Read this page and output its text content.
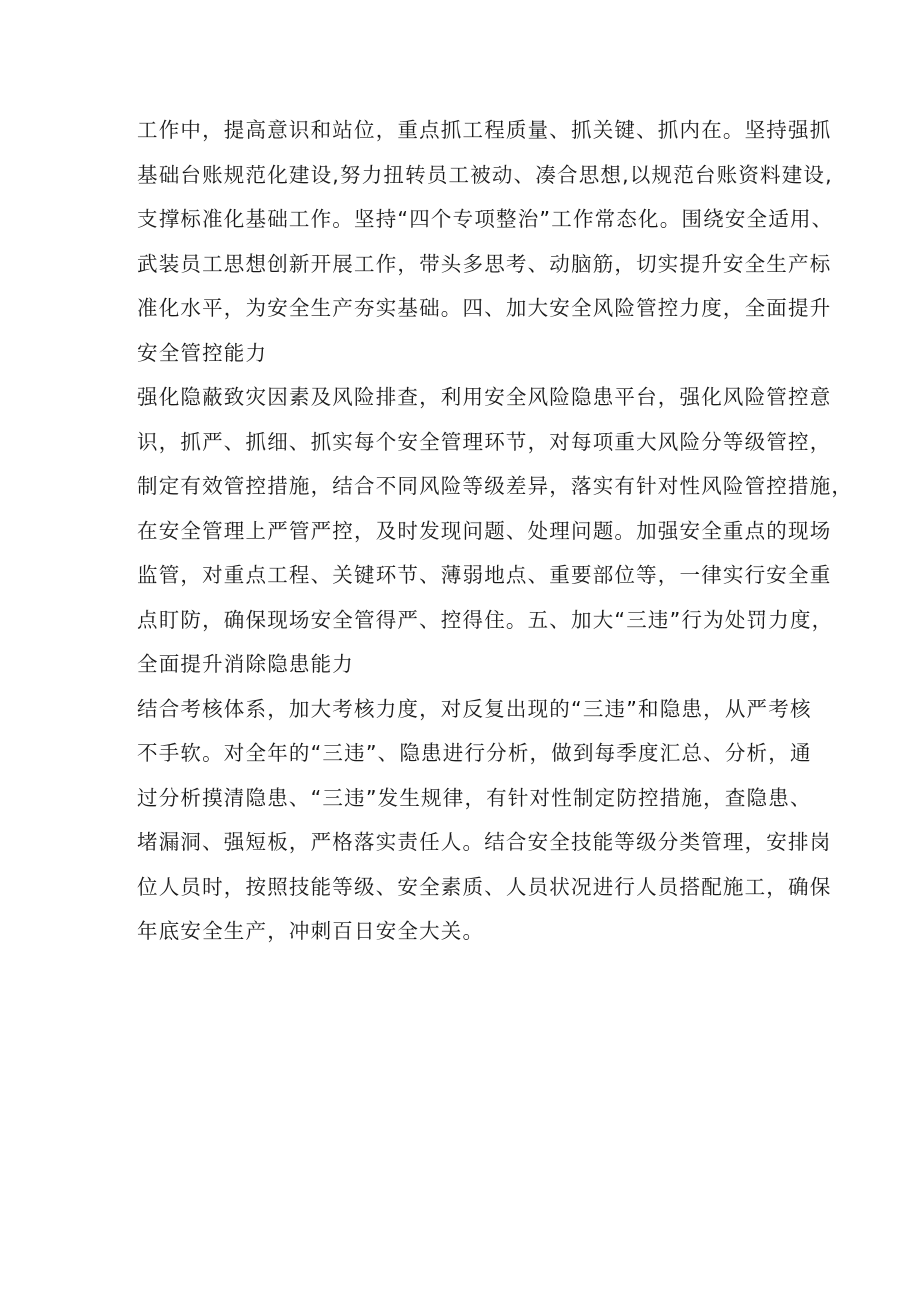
工作中，提高意识和站位，重点抓工程质量、抓关键、抓内在。坚持强抓
基础台账规范化建设,努力扭转员工被动、凑合思想,以规范台账资料建设,
支撑标准化基础工作。坚持“四个专项整治”工作常态化。围绕安全适用、
武装员工思想创新开展工作，带头多思考、动脑筋，切实提升安全生产标
准化水平，为安全生产夯实基础。四、加大安全风险管控力度，全面提升
安全管控能力
强化隐蔽致灾因素及风险排查，利用安全风险隐患平台，强化风险管控意
识，抓严、抓细、抓实每个安全管理环节，对每项重大风险分等级管控，
制定有效管控措施，结合不同风险等级差异，落实有针对性风险管控措施，
在安全管理上严管严控，及时发现问题、处理问题。加强安全重点的现场
监管，对重点工程、关键环节、薄弱地点、重要部位等，一律实行安全重
点盯防，确保现场安全管得严、控得住。五、加大“三违”行为处罚力度，
全面提升消除隐患能力
结合考核体系，加大考核力度，对反复出现的“三违”和隐患，从严考核
不手软。对全年的“三违”、隐患进行分析，做到每季度汇总、分析，通
过分析摸清隐患、“三违”发生规律，有针对性制定防控措施，查隐患、
堵漏洞、强短板，严格落实责任人。结合安全技能等级分类管理，安排岗
位人员时，按照技能等级、安全素质、人员状况进行人员搭配施工，确保
年底安全生产，冲刺百日安全大关。
